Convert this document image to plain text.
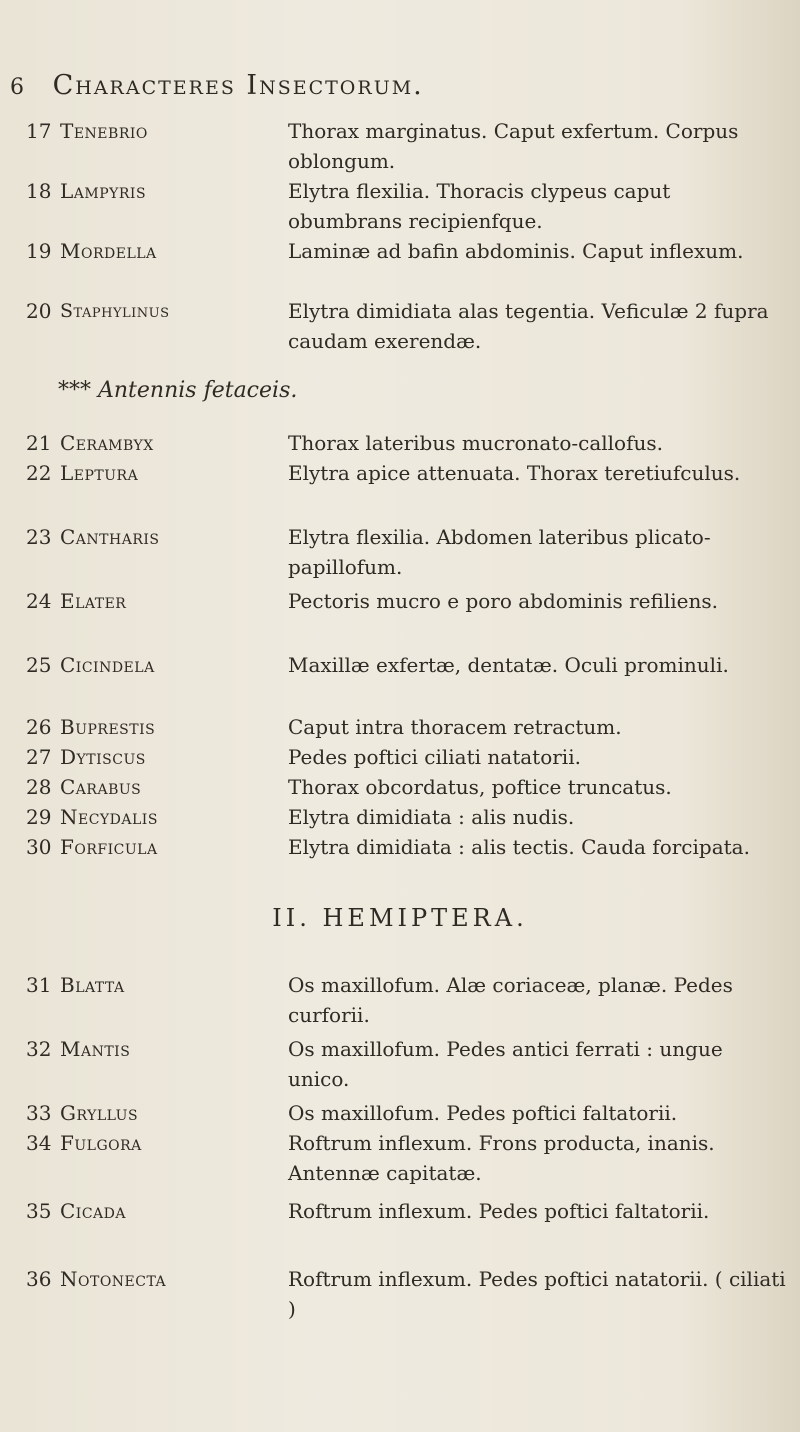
6 Characteres Insectorum.
17 Tenebrio	Thorax marginatus. Caput exfertum. Corpus oblongum.
18 Lampyris	Elytra flexilia. Thoracis clypeus caput obumbrans recipienfque.
19 Mordella	Laminæ ad bafin abdominis. Caput inflexum.
20 Staphylinus	Elytra dimidiata alas tegentia. Veficulæ 2 fupra caudam exerendæ.
*** Antennis fetaceis.
21 Cerambyx	Thorax lateribus mucronato-callofus.
22 Leptura	Elytra apice attenuata. Thorax teretiufculus.
23 Cantharis	Elytra flexilia. Abdomen lateribus plicato-papillofum.
24 Elater	Pectoris mucro e poro abdominis refiliens.
25 Cicindela	Maxillæ exfertæ, dentatæ. Oculi prominuli.
26 Buprestis	Caput intra thoracem retractum.
27 Dytiscus	Pedes poftici ciliati natatorii.
28 Carabus	Thorax obcordatus, poftice truncatus.
29 Necydalis	Elytra dimidiata : alis nudis.
30 Forficula	Elytra dimidiata : alis tectis. Cauda forcipata.
II. HEMIPTERA.
31 Blatta	Os maxillofum. Alæ coriaceæ, planæ. Pedes curforii.
32 Mantis	Os maxillofum. Pedes antici ferrati : ungue unico.
33 Gryllus	Os maxillofum. Pedes poftici faltatorii.
34 Fulgora	Roftrum inflexum. Frons producta, inanis. Antennæ capitatæ.
35 Cicada	Roftrum inflexum. Pedes poftici faltatorii.
36 Notonecta	Roftrum inflexum. Pedes poftici natatorii. ( ciliati )
